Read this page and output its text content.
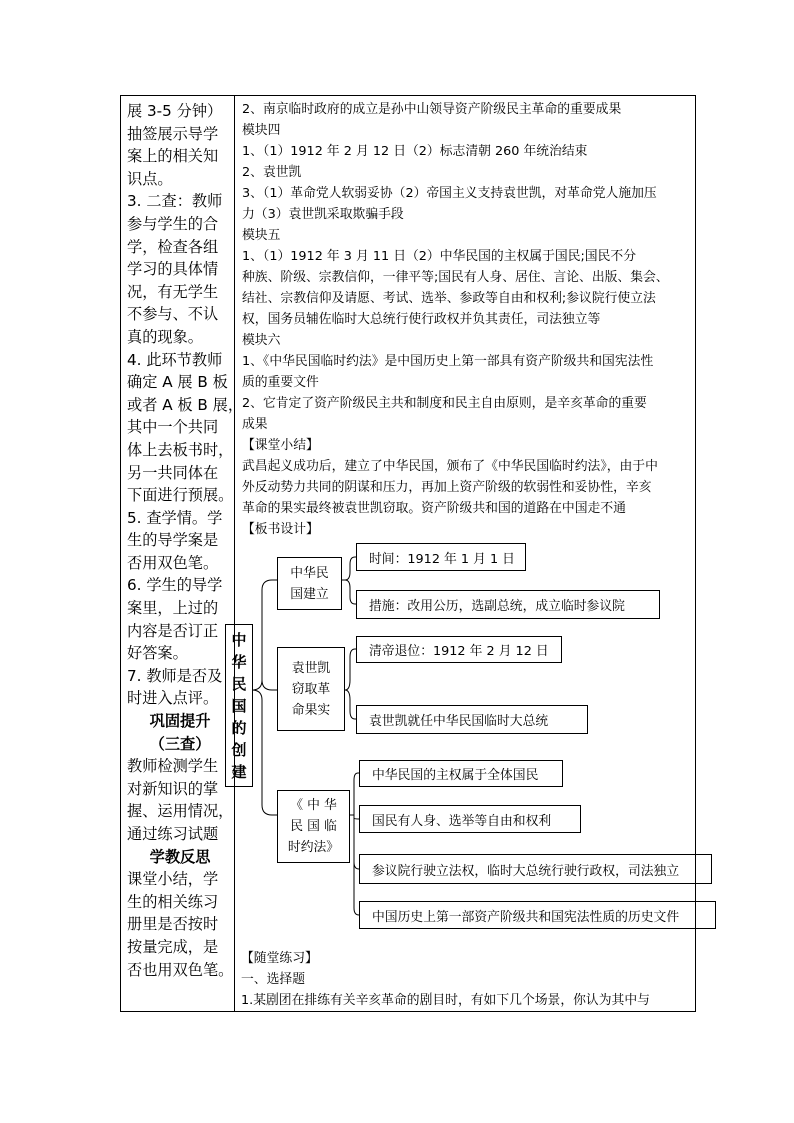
展 3-5 分钟）
抽签展示导学
案上的相关知
识点。
3. 二查：教师
参与学生的合
学，检查各组
学习的具体情
况，有无学生
不参与、不认
真的现象。
4. 此环节教师
确定 A 展 B 板
或者 A 板 B 展，
其中一个共同
体上去板书时，
另一共同体在
下面进行预展。
5. 查学情。学
生的导学案是
否用双色笔。
6. 学生的导学
案里，上过的
内容是否订正
好答案。
7. 教师是否及
时进入点评。
巩固提升
（三查）
教师检测学生
对新知识的掌
握、运用情况，
通过练习试题
学教反思
课堂小结，学
生的相关练习
册里是否按时
按量完成，是
否也用双色笔。
2、南京临时政府的成立是孙中山领导资产阶级民主革命的重要成果
模块四
1、（1）1912 年 2 月 12 日（2）标志清朝 260 年统治结束
2、袁世凯
3、（1）革命党人软弱妥协（2）帝国主义支持袁世凯，对革命党人施加压
力（3）袁世凯采取欺骗手段
模块五
1、（1）1912 年 3 月 11 日（2）中华民国的主权属于国民;国民不分
种族、阶级、宗教信仰，一律平等;国民有人身、居住、言论、出版、集会、
结社、宗教信仰及请愿、考试、选举、参政等自由和权利;参议院行使立法
权，国务员辅佐临时大总统行使行政权并负其责任，司法独立等
模块六
1、《中华民国临时约法》是中国历史上第一部具有资产阶级共和国宪法性
质的重要文件
2、它肯定了资产阶级民主共和制度和民主自由原则，是辛亥革命的重要
成果
【课堂小结】
武昌起义成功后，建立了中华民国，颁布了《中华民国临时约法》，由于中
外反动势力共同的阴谋和压力，再加上资产阶级的软弱性和妥协性，辛亥
革命的果实最终被袁世凯窃取。资产阶级共和国的道路在中国走不通
【板书设计】
中
华
民
国
的
创
建
中华民
国建立
袁世凯
窃取革
命果实
《 中 华
民 国 临
时约法》
时间：1912 年 1 月 1 日
措施：改用公历，选副总统，成立临时参议院
清帝退位：1912 年 2 月 12 日
袁世凯就任中华民国临时大总统
中华民国的主权属于全体国民
国民有人身、选举等自由和权利
参议院行驶立法权，临时大总统行驶行政权，司法独立
中国历史上第一部资产阶级共和国宪法性质的历史文件
【随堂练习】
一、选择题
1.某剧团在排练有关辛亥革命的剧目时，有如下几个场景，你认为其中与
